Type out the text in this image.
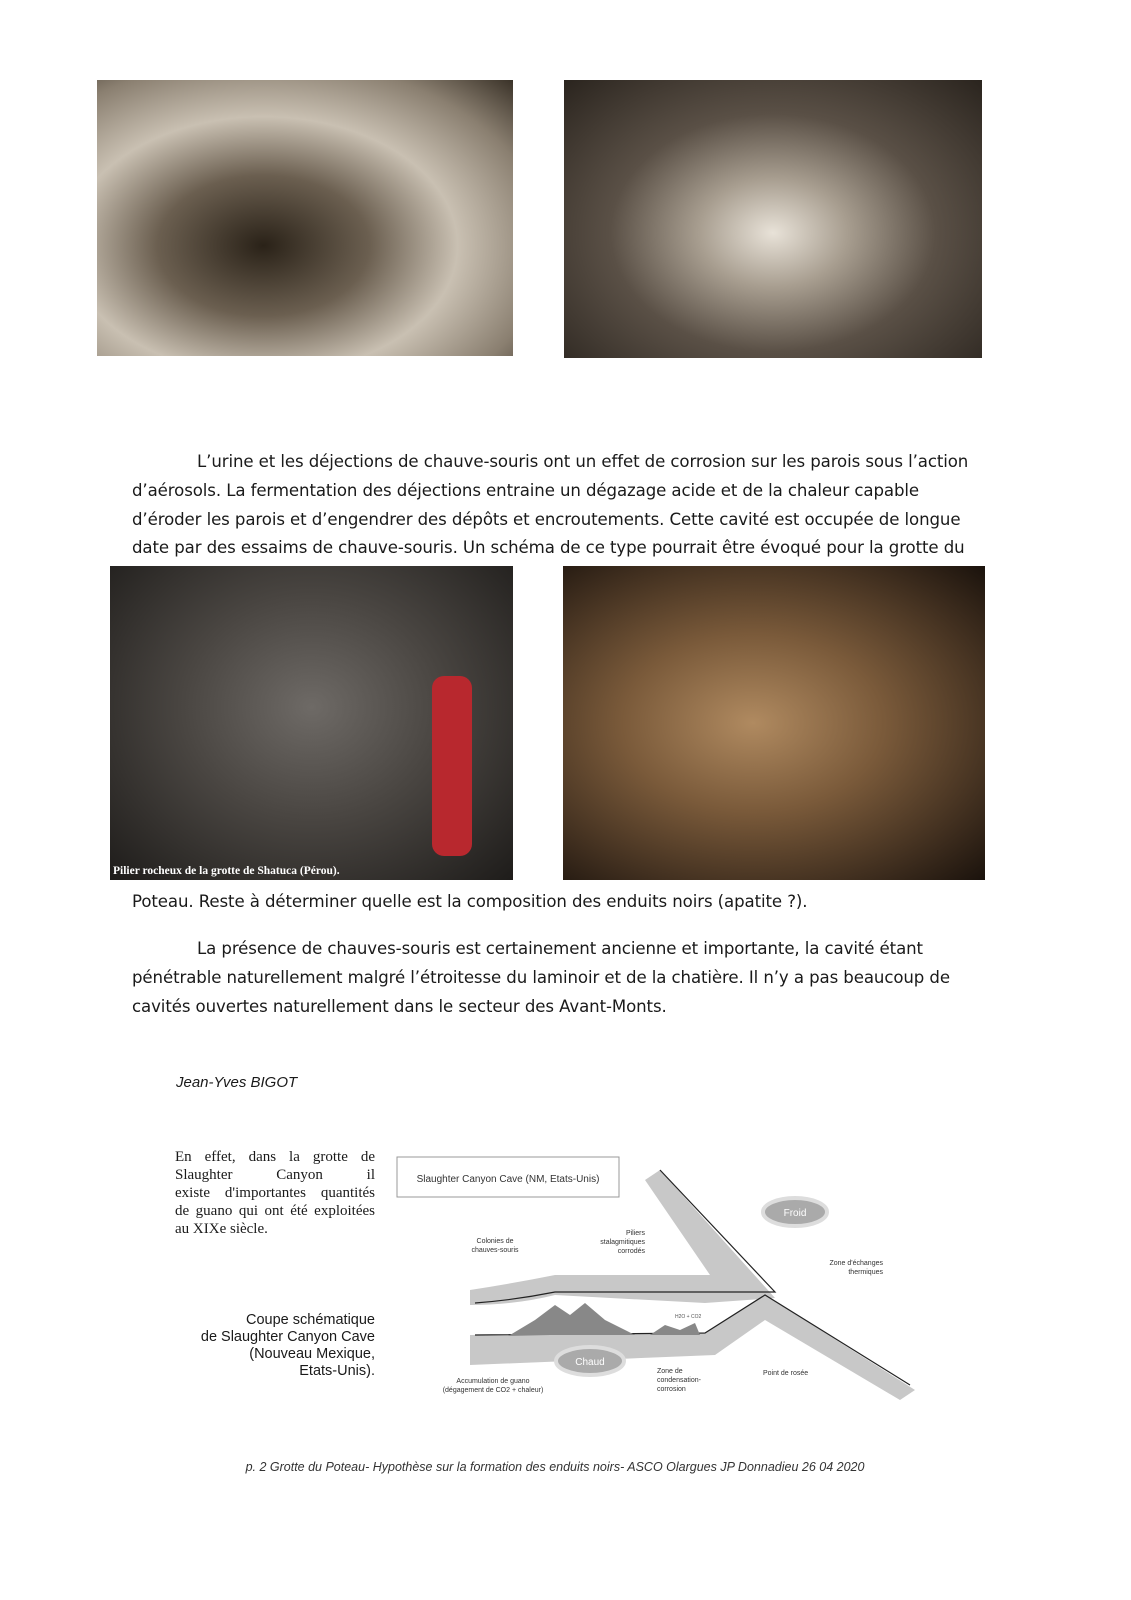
L’urine et les déjections de chauve-souris ont un effet de corrosion sur les parois sous l’action
d’aérosols. La fermentation des déjections entraine un dégazage acide et de la chaleur capable
d’éroder les parois et d’engendrer des dépôts et encroutements. Cette cavité est occupée de longue
date par des essaims de chauve-souris. Un schéma de ce type pourrait être évoqué pour la grotte du
Pilier rocheux de la grotte de Shatuca (Pérou).
Poteau. Reste à déterminer quelle est la composition des enduits noirs (apatite ?).
La présence de chauves-souris est certainement ancienne et importante, la cavité étant
pénétrable naturellement malgré l’étroitesse du laminoir et de la chatière. Il n’y a pas beaucoup de
cavités ouvertes naturellement dans le secteur des Avant-Monts.
Jean-Yves BIGOT
En effet, dans la grotte de
Slaughter Canyon il
existe d'importantes quantités
de guano qui ont été exploitées
au XIXe siècle.
Coupe schématique
de Slaughter Canyon Cave
(Nouveau Mexique,
Etats-Unis).
Slaughter Canyon Cave (NM, Etats-Unis)
Froid
Chaud
Colonies de chauves-souris
Piliers stalagmitiques corrodés
Zone d'échanges thermiques
H2O + CO2
Accumulation de guano (dégagement de CO2 + chaleur)
Zone de condensation-corrosion
Point de rosée
p. 2 Grotte du Poteau- Hypothèse sur la formation des enduits noirs- ASCO Olargues JP Donnadieu 26 04 2020
